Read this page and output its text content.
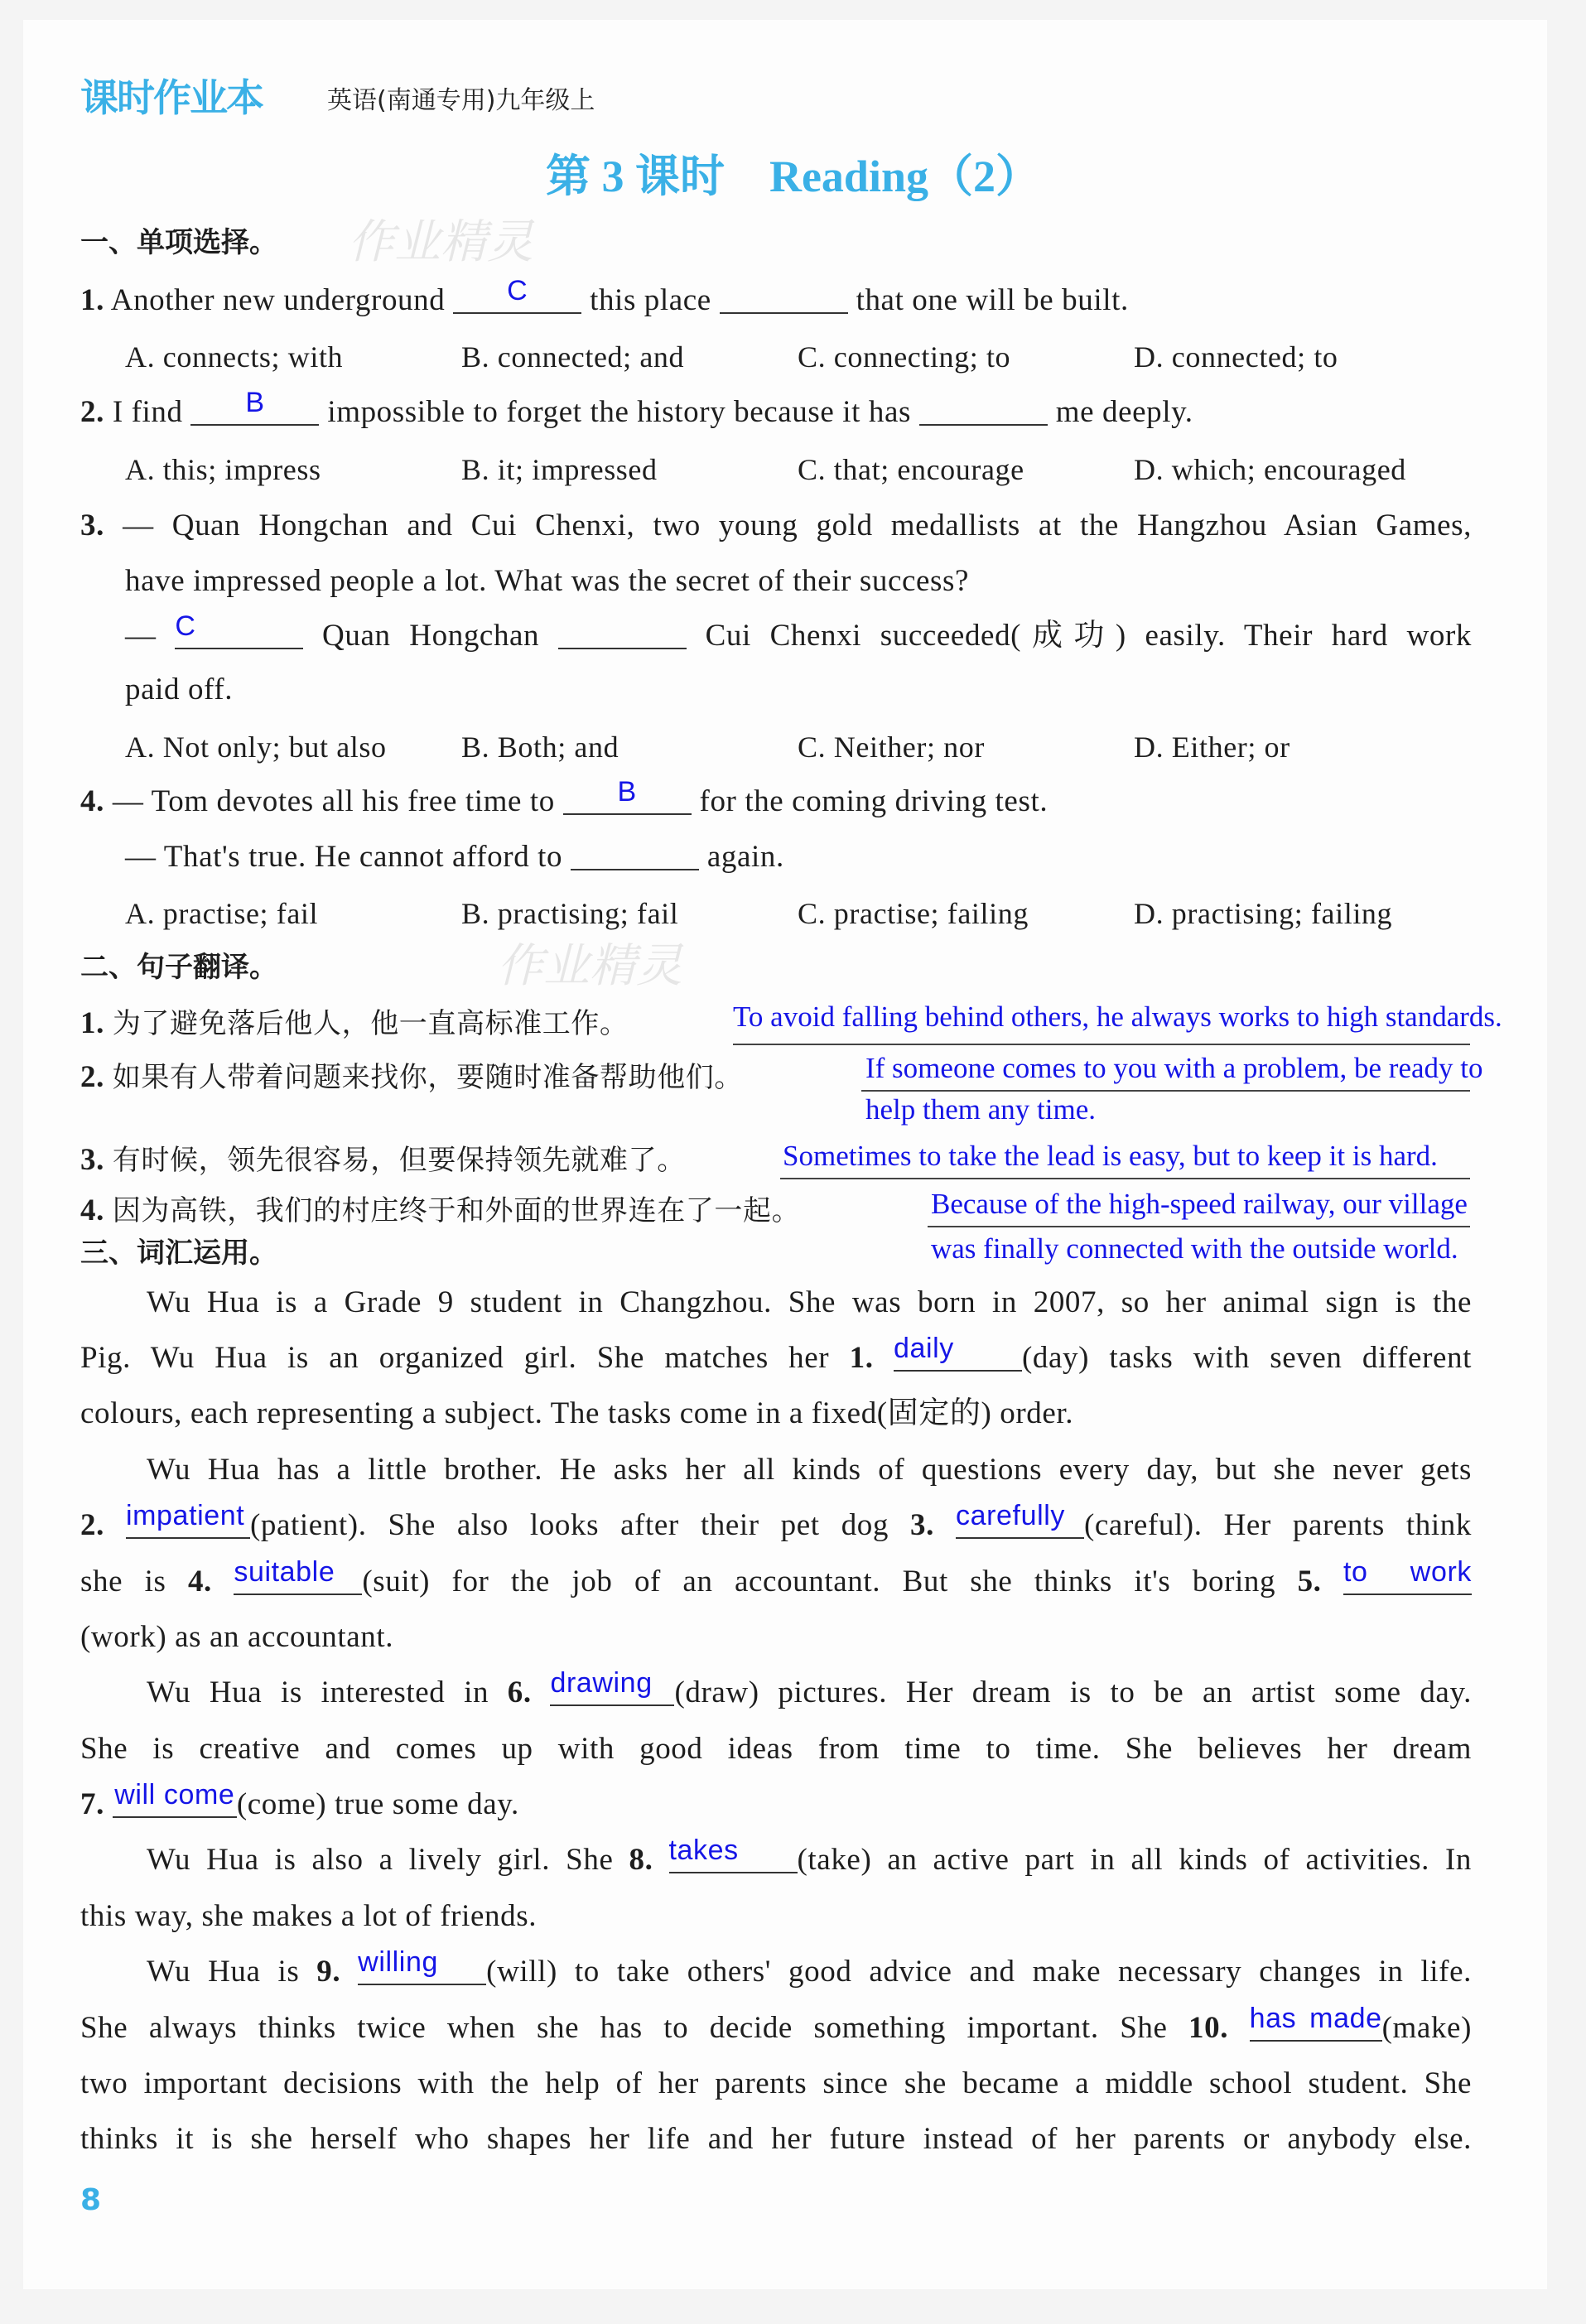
课时作业本	英语(南通专用)九年级上
第 3 课时　Reading（2）
作业精灵
作业精灵
一、单项选择。
1. Another new underground C this place	that one will be built.
A. connects; with	B. connected; and	C. connecting; to	D. connected; to
2. I find B impossible to forget the history because it has	me deeply.
A. this; impress	B. it; impressed	C. that; encourage	D. which; encouraged
3. — Quan Hongchan and Cui Chenxi, two young gold medallists at the Hangzhou Asian Games,
have impressed people a lot. What was the secret of their success?
— C	Quan Hongchan	Cui Chenxi succeeded(成功) easily. Their hard work
paid off.
A. Not only; but also	B. Both; and	C. Neither; nor	D. Either; or
4. — Tom devotes all his free time to B for the coming driving test.
— That's true. He cannot afford to	again.
A. practise; fail	B. practising; fail	C. practise; failing	D. practising; failing
二、句子翻译。
1. 为了避免落后他人，他一直高标准工作。	To avoid falling behind others, he always works to high standards.
2. 如果有人带着问题来找你，要随时准备帮助他们。	If someone comes to you with a problem, be ready to
help them any time.
3. 有时候，领先很容易，但要保持领先就难了。	Sometimes to take the lead is easy, but to keep it is hard.
4. 因为高铁，我们的村庄终于和外面的世界连在了一起。	Because of the high-speed railway, our village
was finally connected with the outside world.
三、词汇运用。
Wu Hua is a Grade 9 student in Changzhou. She was born in 2007, so her animal sign is the
Pig. Wu Hua is an organized girl. She matches her 1. daily (day) tasks with seven different
colours, each representing a subject. The tasks come in a fixed(固定的) order.
Wu Hua has a little brother. He asks her all kinds of questions every day, but she never gets
2. impatient (patient). She also looks after their pet dog 3. carefully (careful). Her parents think
she is 4. suitable (suit) for the job of an accountant. But she thinks it's boring 5. to work
(work) as an accountant.
Wu Hua is interested in 6. drawing (draw) pictures. Her dream is to be an artist some day.
She is creative and comes up with good ideas from time to time. She believes her dream
7. will come(come) true some day.
Wu Hua is also a lively girl. She 8. takes (take) an active part in all kinds of activities. In
this way, she makes a lot of friends.
Wu Hua is 9. willing (will) to take others' good advice and make necessary changes in life.
She always thinks twice when she has to decide something important. She 10. has made(make)
two important decisions with the help of her parents since she became a middle school student. She
thinks it is she herself who shapes her life and her future instead of her parents or anybody else.
8
